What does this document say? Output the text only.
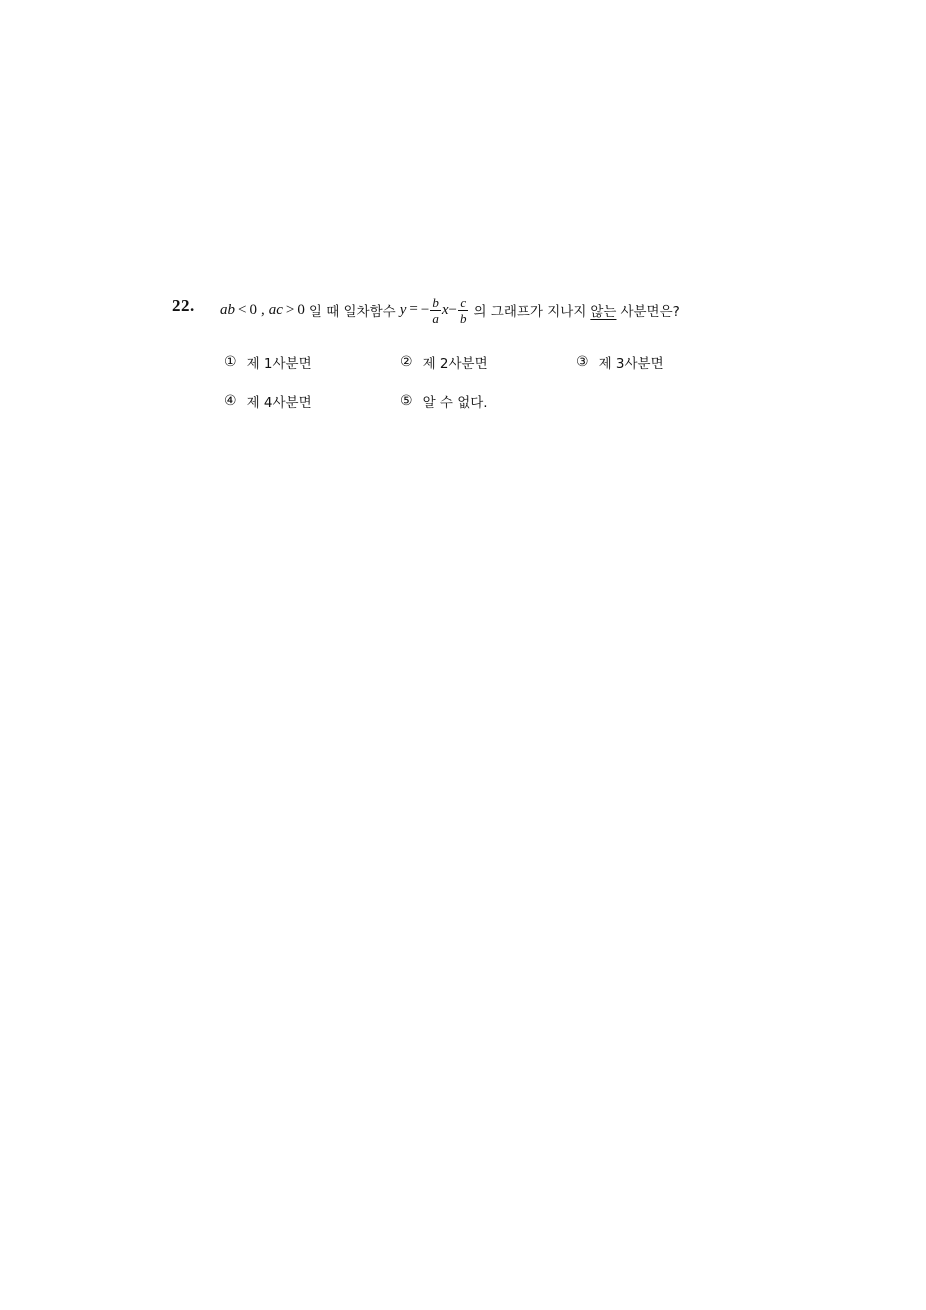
22. ab < 0 , ac > 0 일 때 일차함수 y = − $\frac{b}{a} x- \frac{c}{b}$ 의 그래프가 지나지 않는 사분면은?
① 제 1사분면	② 제 2사분면	③ 제 3사분면
④ 제 4사분면	⑤ 알 수 없다.
